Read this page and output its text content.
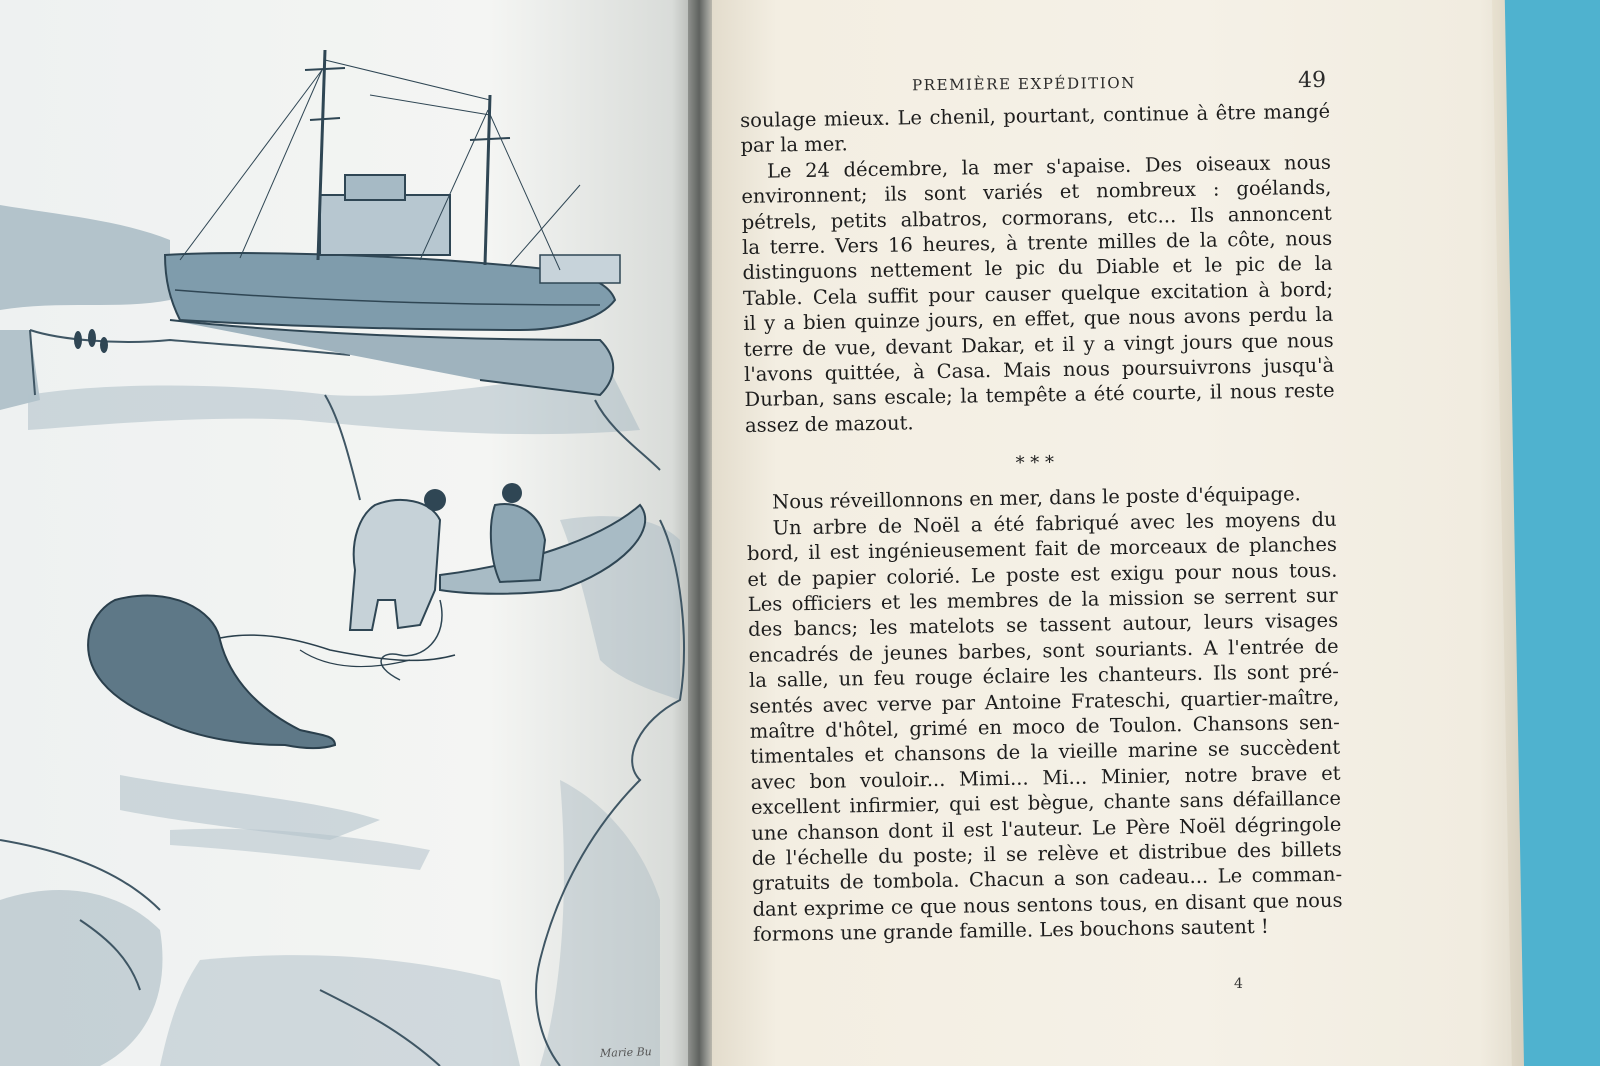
Marie Bu
PREMIÈRE EXPÉDITION	49
soulage mieux. Le chenil, pourtant, continue à être mangé
par la mer.
Le 24 décembre, la mer s'apaise. Des oiseaux nous
environnent; ils sont variés et nombreux : goélands,
pétrels, petits albatros, cormorans, etc... Ils annoncent
la terre. Vers 16 heures, à trente milles de la côte, nous
distinguons nettement le pic du Diable et le pic de la
Table. Cela suffit pour causer quelque excitation à bord;
il y a bien quinze jours, en effet, que nous avons perdu la
terre de vue, devant Dakar, et il y a vingt jours que nous
l'avons quittée, à Casa. Mais nous poursuivrons jusqu'à
Durban, sans escale; la tempête a été courte, il nous reste
assez de mazout.
* * *
Nous réveillonnons en mer, dans le poste d'équipage.
Un arbre de Noël a été fabriqué avec les moyens du
bord, il est ingénieusement fait de morceaux de planches
et de papier colorié. Le poste est exigu pour nous tous.
Les officiers et les membres de la mission se serrent sur
des bancs; les matelots se tassent autour, leurs visages
encadrés de jeunes barbes, sont souriants. A l'entrée de
la salle, un feu rouge éclaire les chanteurs. Ils sont pré-
sentés avec verve par Antoine Frateschi, quartier-maître,
maître d'hôtel, grimé en moco de Toulon. Chansons sen-
timentales et chansons de la vieille marine se succèdent
avec bon vouloir... Mimi... Mi... Minier, notre brave et
excellent infirmier, qui est bègue, chante sans défaillance
une chanson dont il est l'auteur. Le Père Noël dégringole
de l'échelle du poste; il se relève et distribue des billets
gratuits de tombola. Chacun a son cadeau... Le comman-
dant exprime ce que nous sentons tous, en disant que nous
formons une grande famille. Les bouchons sautent !
4
